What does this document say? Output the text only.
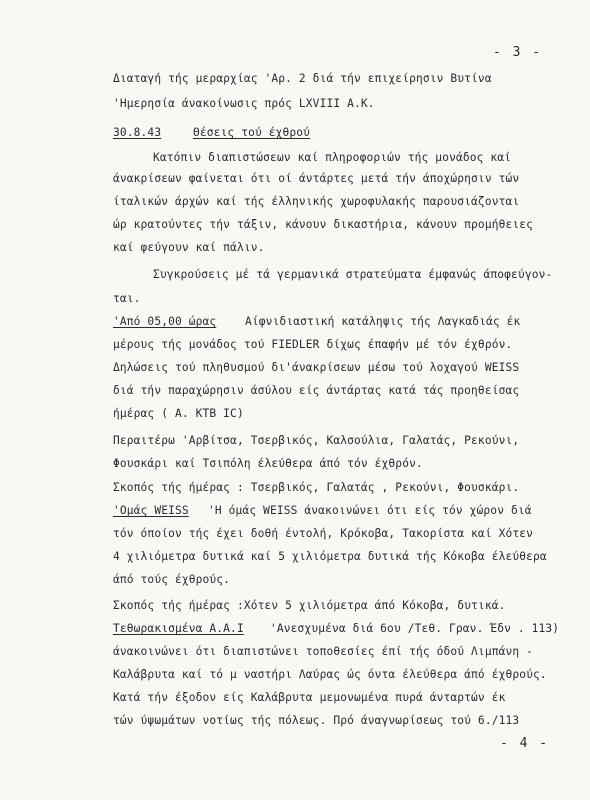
- 3 -
Διαταγή τής μεραρχίας 'Αρ. 2 διά τήν επιχείρησιν Βυτίνα
'Ημερησία άνακοίνωσις πρός LXVIII Α.Κ.
30.8.43	Θέσεις τού έχθρού
Κατόπιν διαπιστώσεων καί πληροφοριών τής μονάδος καί
άνακρίσεων φαίνεται ότι οί άντάρτες μετά τήν άποχώρησιν τών
ίταλικών άρχών καί τής έλληνικής χωροφυλακής παρουσιάζονται
ώρ κρατούντες τήν τάξιν, κάνουν δικαστήρια, κάνουν προμήθειες
καί φεύγουν καί πάλιν.
Συγκρούσεις μέ τά γερμανικά στρατεύματα έμφανώς άποφεύγον-
ται.
'Από 05,00 ώρας	Αίφνιδιαστική κατάληψις τής Λαγκαδιάς έκ
μέρους τής μονάδος τού FIEDLER δίχως έπαφήν μέ τόν έχθρόν.
Δηλώσεις τού πληθυσμού δι'άνακρίσεων μέσω τού λοχαγού WEISS
διά τήν παραχώρησιν άσύλου είς άντάρτας κατά τάς προηθείσας
ήμέρας ( Α. ΚΤΒ IC)
Περαιτέρω 'Αρβίτσα, Τσερβικός, Καλσούλια, Γαλατάς, Ρεκούνι,
Φουσκάρι καί Τσιπόλη έλεύθερα άπό τόν έχθρόν.
Σκοπός τής ήμέρας : Τσερβικός, Γαλατάς , Ρεκούνι, Φουσκάρι.
'Ομάς WEISS 'Η όμάς WEISS άνακοινώνει ότι είς τόν χώρον διά
τόν όποίον τής έχει δοθή έντολή, Κρόκοβα, Τακορίστα καί Χότεν
4 χιλιόμετρα δυτικά καί 5 χιλιόμετρα δυτικά τής Κόκοβα έλεύθερα
άπό τούς έχθρούς.
Σκοπός τής ήμέρας :Χότεν 5 χιλιόμετρα άπό Κόκοβα, δυτικά.
Τεθωρακισμένα Α.Α.Ι 'Ανεσχυμένα διά 6ου /Τεθ. Γραν. Έδν . 113)
άνακοινώνει ότι διαπιστώνει τοποθεσίες έπί τής όδού Λιμπάνη -
Καλάβρυτα καί τό μ ναστήρι Λαύρας ώς όντα έλεύθερα άπό έχθρούς.
Κατά τήν έξοδον είς Καλάβρυτα μεμονωμένα πυρά άνταρτών έκ
τών ύψωμάτων νοτίως τής πόλεως. Πρό άναγνωρίσεως τού 6./113
- 4 -
